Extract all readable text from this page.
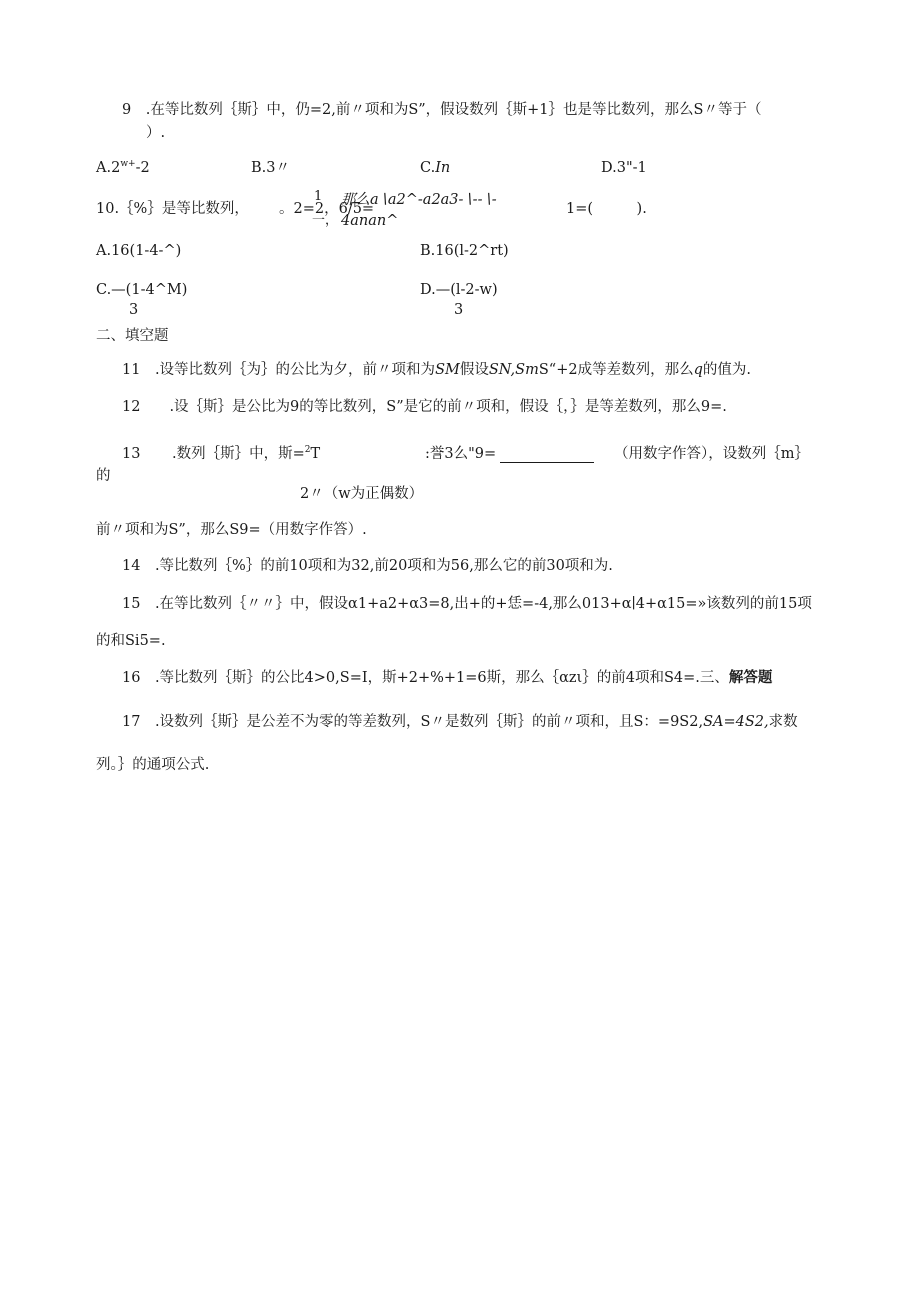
9　.在等比数列｛斯｝中，仍=2,前〃项和为S”，假设数列｛斯+1｝也是等比数列，那么S〃等于（
）.
$A.2^{w+}-2$	B.3〃	C.In	D.3"-1
10.｛%｝是等比数列， 。2=2，6/5=
1
一，
那么a∖a2^-a2a3-∖--∖-
4anan^
1=(　　　).
A.16(1-4-^)	B.16(l-2^rt)
C.—(1-4^M)
3
D.—(l-2-w)
3
二、填空题
11　.设等比数列｛为｝的公比为夕，前〃项和为SM假设SN,SmS“+2成等差数列，那么q的值为.
12　　.设｛斯｝是公比为9的等比数列，S”是它的前〃项和，假设｛，｝是等差数列，那么9=.
13 .数列｛斯｝中，斯=$^2$T	:誉3么"9=	（用数字作答），设数列｛m｝
的
2〃（w为正偶数）
前〃项和为S”，那么S9=（用数字作答）.
14　.等比数列｛%｝的前10项和为32,前20项和为56,那么它的前30项和为.
15　.在等比数列｛〃〃｝中，假设α1+a2+α3=8,出+的+恁=-4,那么013+α∣4+α15=»该数列的前15项
的和Si5=.
16　.等比数列｛斯｝的公比4>0,S=I，斯+2+%+1=6斯，那么｛αzι｝的前4项和S4=.三、解答题
17　.设数列｛斯｝是公差不为零的等差数列，S〃是数列｛斯｝的前〃项和，且S：=9S2,SA=4S2,求数
列。｝的通项公式.
